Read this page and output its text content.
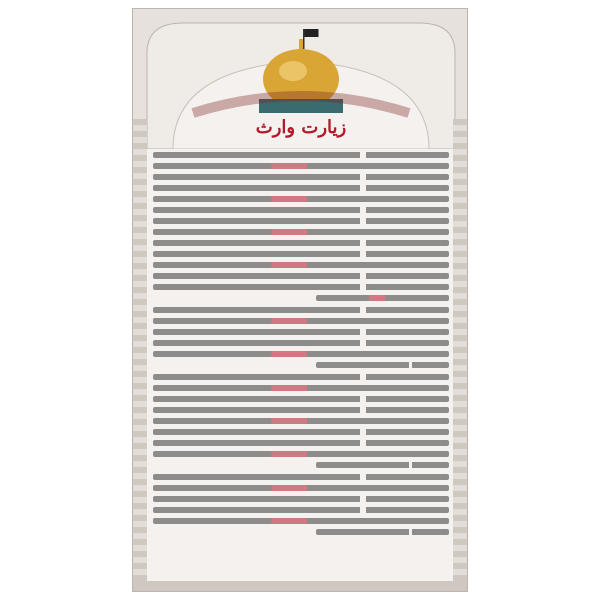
زيارت وارث
